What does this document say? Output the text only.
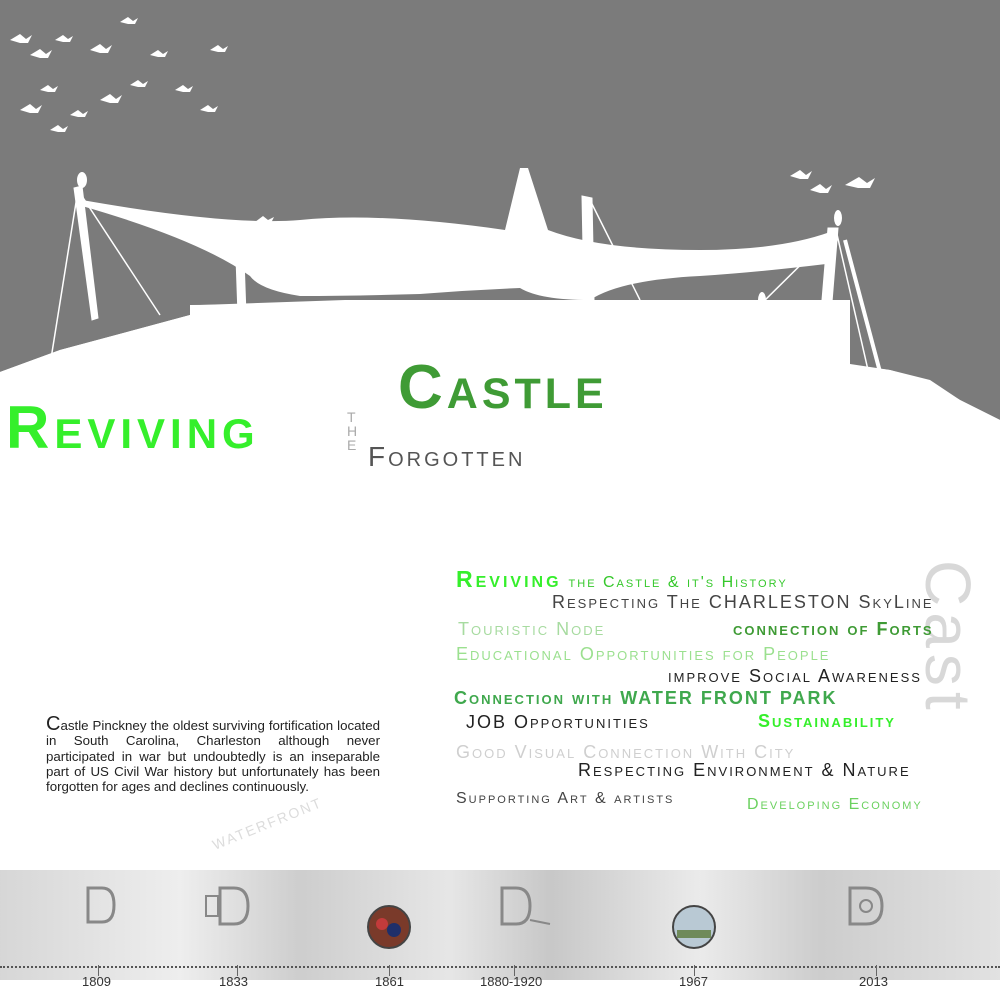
Cast
WATERFRONT
Castle
Reviving	THE Forgotten
Reviving the Castle & it's History
Respecting The CHARLESTON SkyLine
Touristic Node	connection of Forts
Educational Opportunities for People
improve Social Awareness
Connection with WATER FRONT PARK
JOB Opportunities	Sustainability
Good Visual Connection With City
Respecting Environment & Nature
Supporting Art & artists	Developing Economy
Castle Pinckney the oldest surviving fortification located in South Carolina, Charleston although never participated in war but undoubtedly is an inseparable part of US Civil War history but unfortunately has been forgotten for ages and declines continuously.
1809	1833	1861	1880-1920	1967	2013
